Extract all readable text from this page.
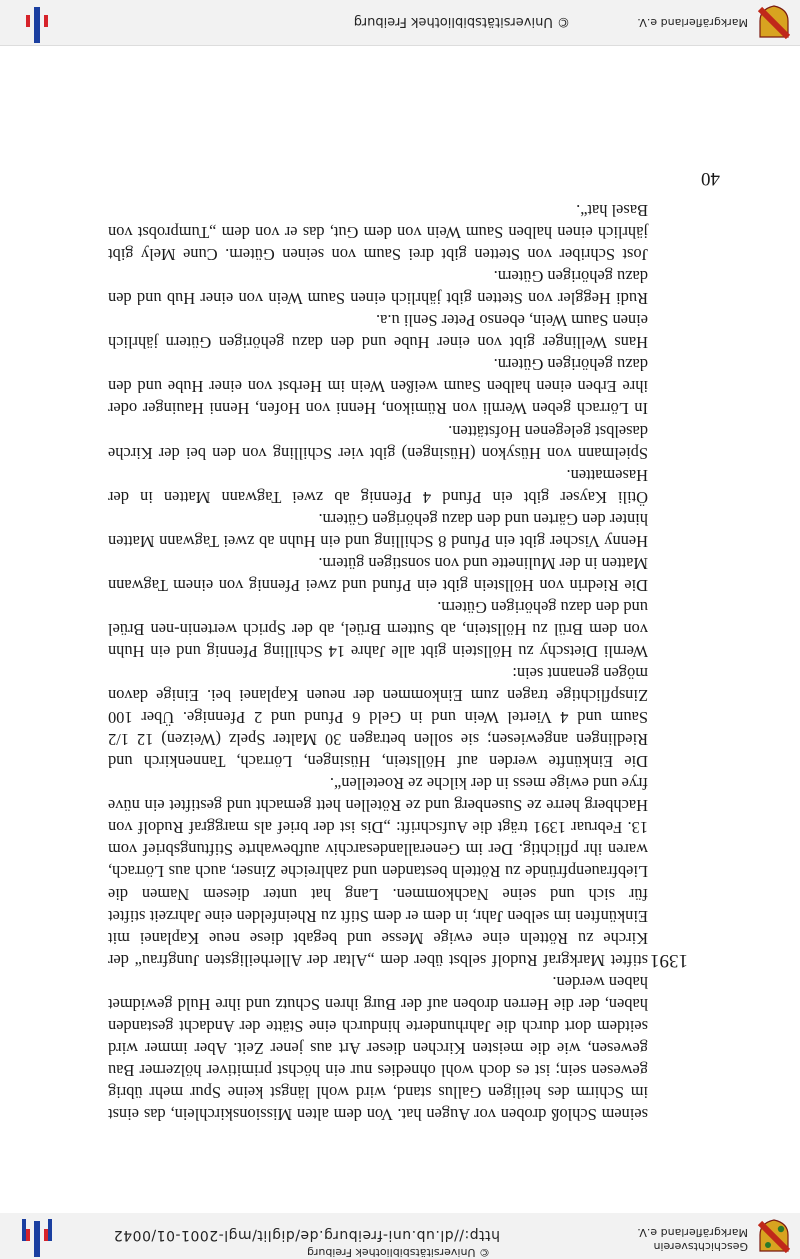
Geschichtsverein
Markgräflerland e.V.
http://dl.ub.uni-freiburg.de/diglit/mgl-2001-01/0042
© Universitätsbibliothek Freiburg
40

seinem Schloß droben vor Augen hat. Von dem alten Missionskirchlein, das einst im Schirm des heiligen Gallus stand, wird wohl längst keine Spur mehr übrig gewesen sein; ist es doch wohl ohnedies nur ein höchst primitiver hölzerner Bau gewesen, wie die meisten Kirchen dieser Art aus jener Zeit. Aber immer wird seitdem dort durch die Jahrhunderte hindurch eine Stätte der Andacht gestanden haben, der die Herren droben auf der Burg ihren Schutz und ihre Huld gewidmet haben werden.

1391
stiftet Markgraf Rudolf selbst über dem „Altar der Allerheiligsten Jungfrau“ der Kirche zu Rötteln eine ewige Messe und begabt diese neue Kaplanei mit Einkünften im selben Jahr, in dem er dem Stift zu Rheinfelden eine Jahrzeit stiftet für sich und seine Nachkommen. Lang hat unter diesem Namen die Liebfrauenpfründe zu Rötteln bestanden und zahlreiche Zinser, auch aus Lörrach, waren ihr pflichtig. Der im Generallandesarchiv aufbewahrte Stiftungsbrief vom 13. Februar 1391 trägt die Aufschrift: „Dis ist der brief als marggraf Rudolf von Hachberg herre ze Susenberg und ze Rötellen hett gemacht und gestiftet ein nüve frye und ewige mess in der kilche ze Roetellen“.

Die Einkünfte werden auf Höllstein, Hüsingen, Lörrach, Tannenkirch und Riedlingen angewiesen; sie sollen betragen 30 Malter Spelz (Weizen) 12 1/2 Saum und 4 Viertel Wein und in Geld 6 Pfund und 2 Pfennige. Über 100 Zinspflichtige tragen zum Einkommen der neuen Kaplanei bei. Einige davon mögen genannt sein:

Wernli Dietschy zu Höllstein gibt alle Jahre 14 Schilling Pfennig und ein Huhn von dem Brül zu Höllstein, ab Suttern Brüel, ab der Sprich wertenin-nen Brüel und den dazu gehörigen Gütern.

Die Riedrin von Höllstein gibt ein Pfund und zwei Pfennig von einem Tagwann Matten in der Mulinette und von sonstigen gütern.

Henny Vischer gibt ein Pfund 8 Schilling und ein Huhn ab zwei Tagwann Matten hinter den Gärten und den dazu gehörigen Gütern.

Ötili Kayser gibt ein Pfund 4 Pfennig ab zwei Tagwann Matten in der Hasematten.

Spielmann von Hüsykon (Hüsingen) gibt vier Schilling von den bei der Kirche daselbst gelegenen Hofstätten.

In Lörrach geben Wernli von Rümikon, Henni von Hofen, Henni Hauinger oder ihre Erben einen halben Saum weißen Wein im Herbst von einer Hube und den dazu gehörigen Gütern.

Hans Wellinger gibt von einer Hube und den dazu gehörigen Gütern jährlich einen Saum Wein, ebenso Peter Senli u.a.

Rudi Heggler von Stetten gibt jährlich einen Saum Wein von einer Hub und den dazu gehörigen Gütern.

Jost Schriber von Stetten gibt drei Saum von seinen Gütern. Cune Mely gibt jährlich einen halben Saum Wein von dem Gut, das er von dem „Tumprobst von Basel hat“.

Markgräflerland e.V.
© Universitätsbibliothek Freiburg
